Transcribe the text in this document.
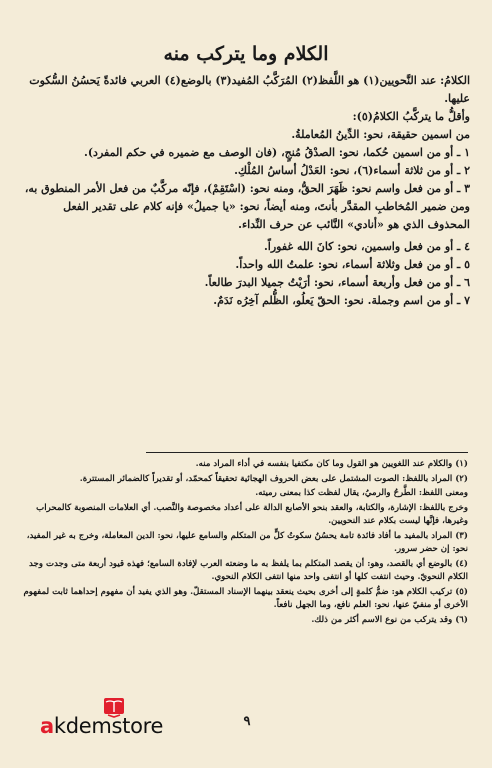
الكلام وما يتركب منه

الكلامُ: عند النَّحويين(١) هو اللَّفظ(٢) المُرَكَّبُ المُفيد(٣) بالوضع(٤) العربي فائدةً يَحسُنُ السُّكوت عليها.

وأقلُّ ما يتركَّبُ الكلامُ(٥):

من اسمين حقيقة، نحو: الدِّينُ المُعاملةُ.

١ ـ أو من اسمين حُكما، نحو: الصدْقُ مُنجٍ، (فان الوصف مع ضميره في حكم المفرد).

٢ ـ أو من ثلاثة أسماء(٦)، نحو: العَدْلُ أساسُ المُلْكِ.

٣ ـ أو من فعل واسم نحو: ظَهَرَ الحقُّ، ومنه نحو: (اسْتَقِمْ)، فإنّه مركَّبٌ من فعل الأمر المنطوق به، ومن ضمير المُخاطبِ المقدَّر بأنتَ، ومنه أيضاً، نحو: «يا جميلُ» فإنه كلام على تقدير الفعل المحذوف الذي هو «أنادي» النَّائب عن حرف النِّداء.

٤ ـ أو من فعل واسمين، نحو: كانَ الله غفوراً.

٥ ـ أو من فعل وثلاثة أسماء، نحو: علمتُ الله واحداً.

٦ ـ أو من فعل وأربعة أسماء، نحو: أرَيْتُ جميلا البدرَ طالعاً.

٧ ـ أو من اسم وجملة. نحو: الحقّ يَعلُو، الظُّلم آخِرُه نَدَمٌ.

(١) والكلام عند اللغويين هو القول وما كان مكتفيا بنفسه في أداء المراد منه.

(٢) المراد باللفظ: الصوت المشتمل على بعض الحروف الهجائية تحقيقاً كمحمّد، أو تقديراً كالضمائر المستترة.

ومعنى اللفظ: الطَّرحُ والرميُ، يقال لفظت كذا بمعنى رميته.

وخرج باللفظ: الإشارة، والكتابة، والعقد بنحو الأصابع الدالة على أعداد مخصوصة والنَّصب. أي العلامات المنصوبة كالمحراب وغيرها، فإنَّها ليست بكلام عند النحويين.

(٣) المراد بالمفيد ما أفاد فائدة تامة يحسُنُ سكوتُ كلٍّ من المتكلم والسامع عليها، نحو: الدين المعاملة، وخرج به غير المفيد، نحو: إن حضر سرور.

(٤) بالوضع أي بالقصد، وهو: أن يقصد المتكلم بما يلفظ به ما وضعته العرب لإفادة السامع؛ فهذه قيود أربعة متى وجدت وجد الكلام النحويّ. وحيث انتفت كلها أو انتفى واحد منها انتفى الكلام النحوي.

(٥) تركيب الكلام هو: ضمُّ كلمةٍ إلى أخرى بحيث ينعقد بينهما الإسناد المستقلّ. وهو الذي يفيد أن مفهوم إحداهما ثابت لمفهوم الأخرى أو منفيّ عنها، نحو: العلم نافع، وما الجهل نافعاً.

(٦) وقد يتركب من نوع الاسم أكثر من ذلك.

akdemstore	٩
